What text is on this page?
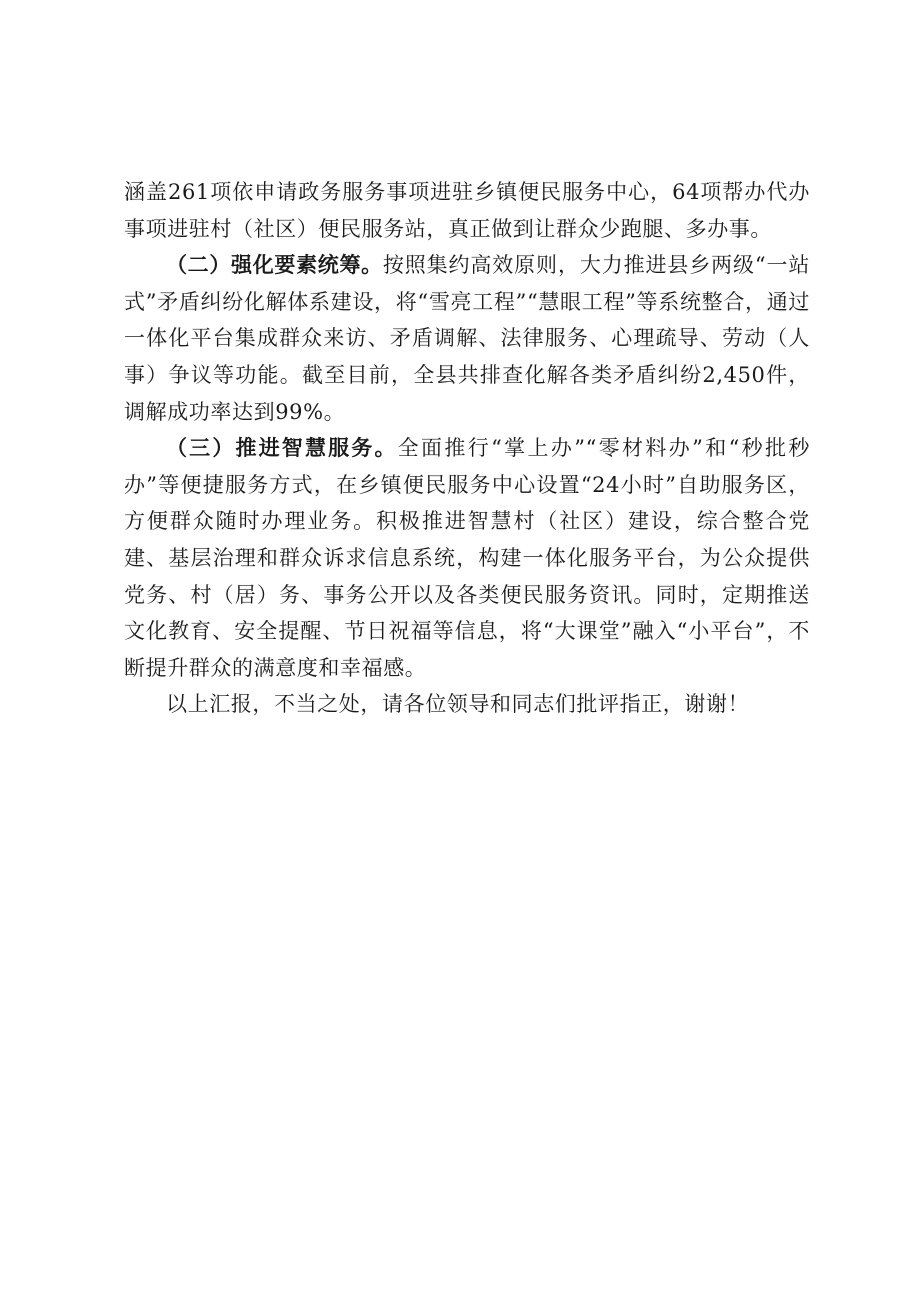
涵盖261项依申请政务服务事项进驻乡镇便民服务中心，64项帮办代办事项进驻村（社区）便民服务站，真正做到让群众少跑腿、多办事。

（二）强化要素统筹。按照集约高效原则，大力推进县乡两级“一站式”矛盾纠纷化解体系建设，将“雪亮工程”“慧眼工程”等系统整合，通过一体化平台集成群众来访、矛盾调解、法律服务、心理疏导、劳动（人事）争议等功能。截至目前，全县共排查化解各类矛盾纠纷2,450件，调解成功率达到99%。

（三）推进智慧服务。全面推行“掌上办”“零材料办”和“秒批秒办”等便捷服务方式，在乡镇便民服务中心设置“24小时”自助服务区，方便群众随时办理业务。积极推进智慧村（社区）建设，综合整合党建、基层治理和群众诉求信息系统，构建一体化服务平台，为公众提供党务、村（居）务、事务公开以及各类便民服务资讯。同时，定期推送文化教育、安全提醒、节日祝福等信息，将“大课堂”融入“小平台”，不断提升群众的满意度和幸福感。

以上汇报，不当之处，请各位领导和同志们批评指正，谢谢！
